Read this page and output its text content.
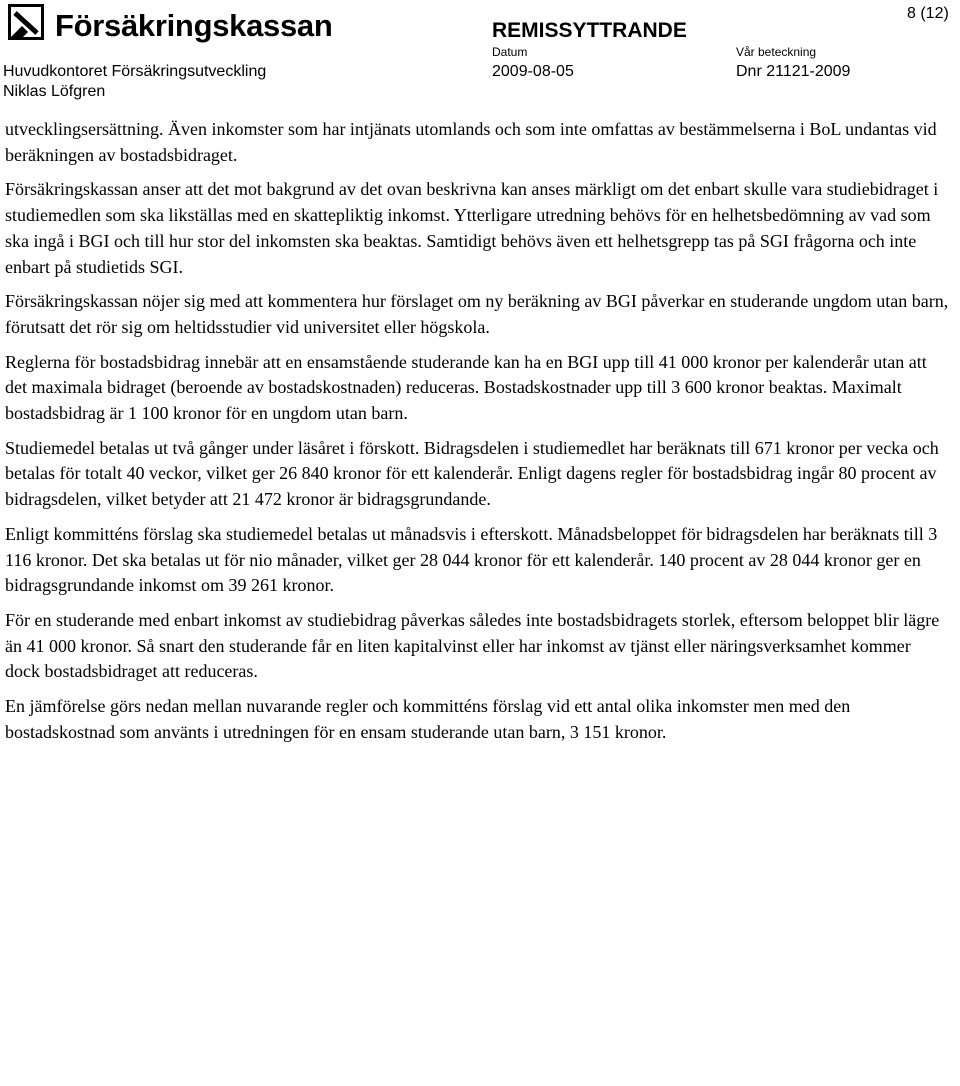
Försäkringskassan	REMISSYTTRANDE
8 (12)
Datum	Vår beteckning
Huvudkontoret Försäkringsutveckling	2009-08-05	Dnr 21121-2009
Niklas Löfgren

utvecklingsersättning. Även inkomster som har intjänats utomlands och som inte omfattas av bestämmelserna i BoL undantas vid beräkningen av bostadsbidraget.

Försäkringskassan anser att det mot bakgrund av det ovan beskrivna kan anses märkligt om det enbart skulle vara studiebidraget i studiemedlen som ska likställas med en skattepliktig inkomst. Ytterligare utredning behövs för en helhetsbedömning av vad som ska ingå i BGI och till hur stor del inkomsten ska beaktas. Samtidigt behövs även ett helhetsgrepp tas på SGI frågorna och inte enbart på studietids SGI.

Försäkringskassan nöjer sig med att kommentera hur förslaget om ny beräkning av BGI påverkar en studerande ungdom utan barn, förutsatt det rör sig om heltidsstudier vid universitet eller högskola.

Reglerna för bostadsbidrag innebär att en ensamstående studerande kan ha en BGI upp till 41 000 kronor per kalenderår utan att det maximala bidraget (beroende av bostadskostnaden) reduceras. Bostadskostnader upp till 3 600 kronor beaktas. Maximalt bostadsbidrag är 1 100 kronor för en ungdom utan barn.

Studiemedel betalas ut två gånger under läsåret i förskott. Bidragsdelen i studiemedlet har beräknats till 671 kronor per vecka och betalas för totalt 40 veckor, vilket ger 26 840 kronor för ett kalenderår. Enligt dagens regler för bostadsbidrag ingår 80 procent av bidragsdelen, vilket betyder att 21 472 kronor är bidragsgrundande.

Enligt kommitténs förslag ska studiemedel betalas ut månadsvis i efterskott. Månadsbeloppet för bidragsdelen har beräknats till 3 116 kronor. Det ska betalas ut för nio månader, vilket ger 28 044 kronor för ett kalenderår. 140 procent av 28 044 kronor ger en bidragsgrundande inkomst om 39 261 kronor.

För en studerande med enbart inkomst av studiebidrag påverkas således inte bostadsbidragets storlek, eftersom beloppet blir lägre än 41 000 kronor. Så snart den studerande får en liten kapitalvinst eller har inkomst av tjänst eller näringsverksamhet kommer dock bostadsbidraget att reduceras.

En jämförelse görs nedan mellan nuvarande regler och kommitténs förslag vid ett antal olika inkomster men med den bostadskostnad som använts i utredningen för en ensam studerande utan barn, 3 151 kronor.
